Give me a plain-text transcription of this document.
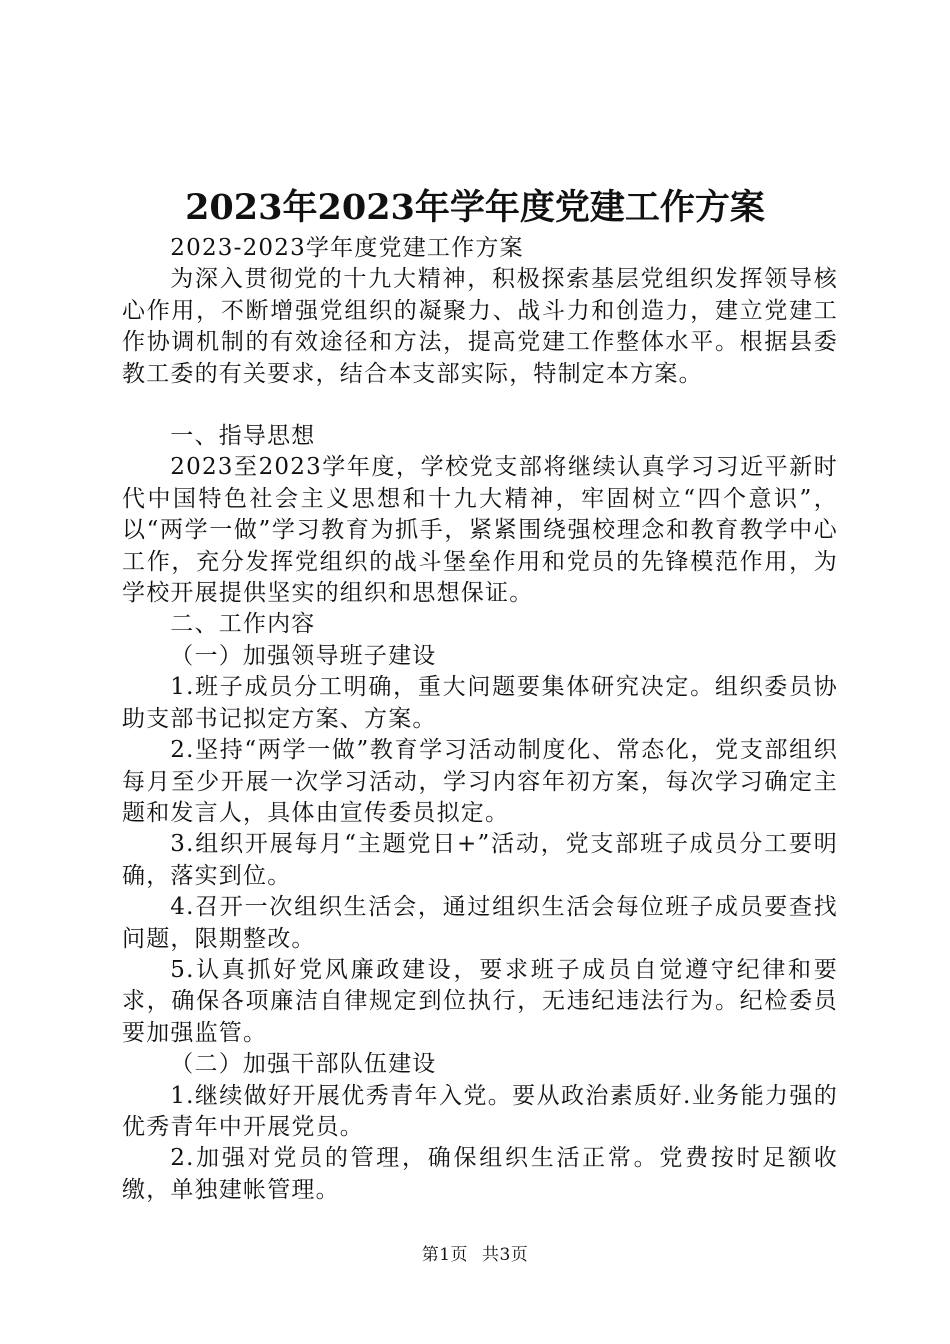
2023年2023年学年度党建工作方案

2023-2023学年度党建工作方案

为深入贯彻党的十九大精神，积极探索基层党组织发挥领导核心作用，不断增强党组织的凝聚力、战斗力和创造力，建立党建工作协调机制的有效途径和方法，提高党建工作整体水平。根据县委教工委的有关要求，结合本支部实际，特制定本方案。

一、指导思想

2023至2023学年度，学校党支部将继续认真学习习近平新时代中国特色社会主义思想和十九大精神，牢固树立“四个意识”，以“两学一做”学习教育为抓手，紧紧围绕强校理念和教育教学中心工作，充分发挥党组织的战斗堡垒作用和党员的先锋模范作用，为学校开展提供坚实的组织和思想保证。

二、工作内容

（一）加强领导班子建设

1.班子成员分工明确，重大问题要集体研究决定。组织委员协助支部书记拟定方案、方案。

2.坚持“两学一做”教育学习活动制度化、常态化，党支部组织每月至少开展一次学习活动，学习内容年初方案，每次学习确定主题和发言人，具体由宣传委员拟定。

3.组织开展每月“主题党日+”活动，党支部班子成员分工要明确，落实到位。

4.召开一次组织生活会，通过组织生活会每位班子成员要查找问题，限期整改。

5.认真抓好党风廉政建设，要求班子成员自觉遵守纪律和要求，确保各项廉洁自律规定到位执行，无违纪违法行为。纪检委员要加强监管。

（二）加强干部队伍建设

1.继续做好开展优秀青年入党。要从政治素质好.业务能力强的优秀青年中开展党员。

2.加强对党员的管理，确保组织生活正常。党费按时足额收缴，单独建帐管理。

第1页 共3页
